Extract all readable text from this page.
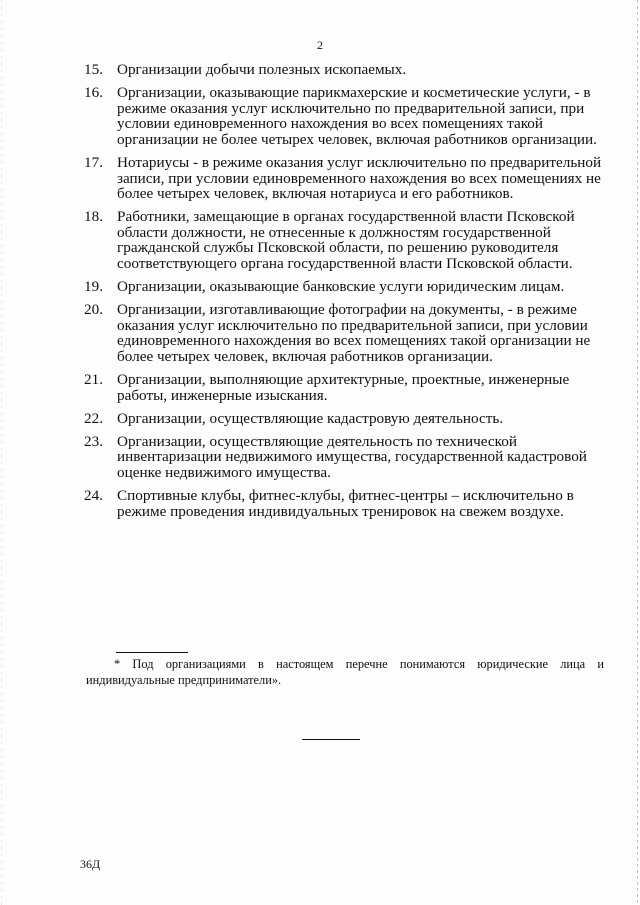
2
15. Организации добычи полезных ископаемых.
16. Организации, оказывающие парикмахерские и косметические услуги, - в режиме оказания услуг исключительно по предварительной записи, при условии единовременного нахождения во всех помещениях такой организации не более четырех человек, включая работников организации.
17. Нотариусы - в режиме оказания услуг исключительно по предварительной записи, при условии единовременного нахождения во всех помещениях не более четырех человек, включая нотариуса и его работников.
18. Работники, замещающие в органах государственной власти Псковской области должности, не отнесенные к должностям государственной гражданской службы Псковской области, по решению руководителя соответствующего органа государственной власти Псковской области.
19. Организации, оказывающие банковские услуги юридическим лицам.
20. Организации, изготавливающие фотографии на документы, - в режиме оказания услуг исключительно по предварительной записи, при условии единовременного нахождения во всех помещениях такой организации не более четырех человек, включая работников организации.
21. Организации, выполняющие архитектурные, проектные, инженерные работы, инженерные изыскания.
22. Организации, осуществляющие кадастровую деятельность.
23. Организации, осуществляющие деятельность по технической инвентаризации недвижимого имущества, государственной кадастровой оценке недвижимого имущества.
24. Спортивные клубы, фитнес-клубы, фитнес-центры – исключительно в режиме проведения индивидуальных тренировок на свежем воздухе.
* Под организациями в настоящем перечне понимаются юридические лица и индивидуальные предприниматели».
36Д
